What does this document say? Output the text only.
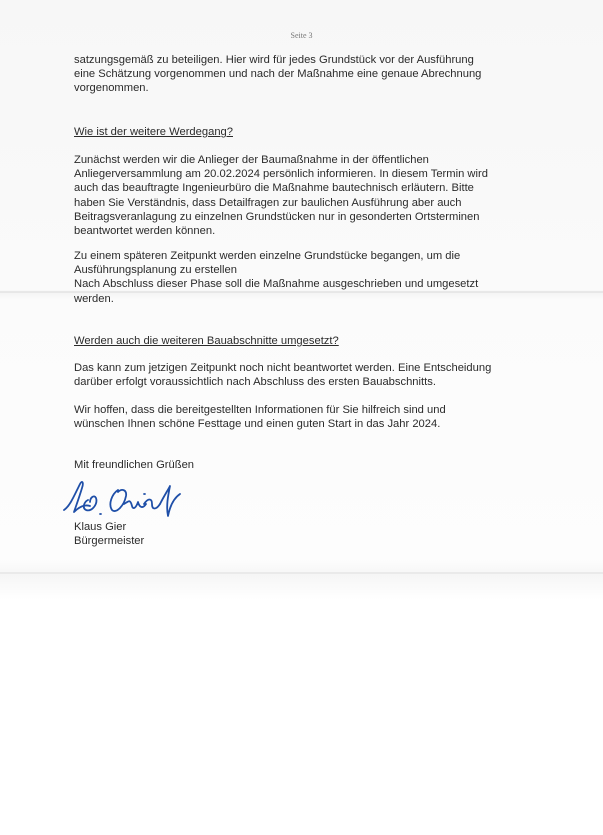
Seite 3

satzungsgemäß zu beteiligen. Hier wird für jedes Grundstück vor der Ausführung
eine Schätzung vorgenommen und nach der Maßnahme eine genaue Abrechnung
vorgenommen.

Wie ist der weitere Werdegang?

Zunächst werden wir die Anlieger der Baumaßnahme in der öffentlichen
Anliegerversammlung am 20.02.2024 persönlich informieren. In diesem Termin wird
auch das beauftragte Ingenieurbüro die Maßnahme bautechnisch erläutern. Bitte
haben Sie Verständnis, dass Detailfragen zur baulichen Ausführung aber auch
Beitragsveranlagung zu einzelnen Grundstücken nur in gesonderten Ortsterminen
beantwortet werden können.

Zu einem späteren Zeitpunkt werden einzelne Grundstücke begangen, um die
Ausführungsplanung zu erstellen
Nach Abschluss dieser Phase soll die Maßnahme ausgeschrieben und umgesetzt
werden.

Werden auch die weiteren Bauabschnitte umgesetzt?

Das kann zum jetzigen Zeitpunkt noch nicht beantwortet werden. Eine Entscheidung
darüber erfolgt voraussichtlich nach Abschluss des ersten Bauabschnitts.

Wir hoffen, dass die bereitgestellten Informationen für Sie hilfreich sind und
wünschen Ihnen schöne Festtage und einen guten Start in das Jahr 2024.

Mit freundlichen Grüßen

Klaus Gier

Bürgermeister
